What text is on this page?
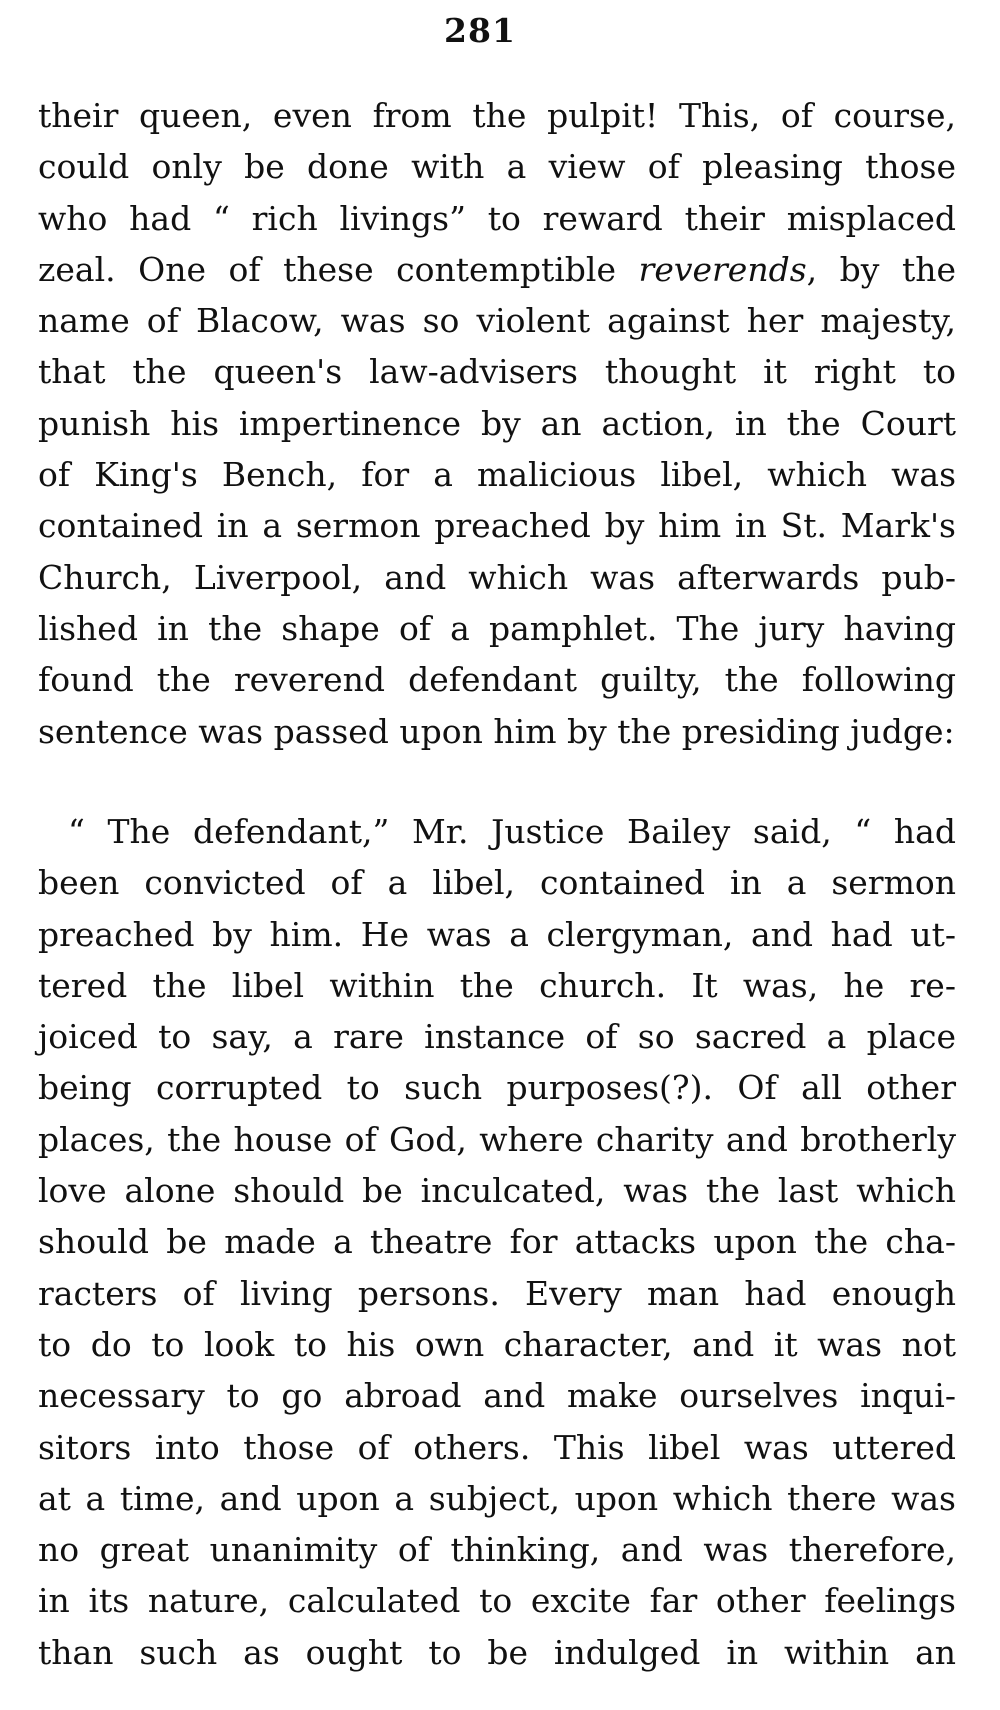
281
their queen, even from the pulpit! This, of course,
could only be done with a view of pleasing those
who had “ rich livings” to reward their misplaced
zeal. One of these contemptible reverends, by the
name of Blacow, was so violent against her majesty,
that the queen's law-advisers thought it right to
punish his impertinence by an action, in the Court
of King's Bench, for a malicious libel, which was
contained in a sermon preached by him in St. Mark's
Church, Liverpool, and which was afterwards pub-
lished in the shape of a pamphlet. The jury having
found the reverend defendant guilty, the following
sentence was passed upon him by the presiding judge:
“ The defendant,” Mr. Justice Bailey said, “ had
been convicted of a libel, contained in a sermon
preached by him. He was a clergyman, and had ut-
tered the libel within the church. It was, he re-
joiced to say, a rare instance of so sacred a place
being corrupted to such purposes(?). Of all other
places, the house of God, where charity and brotherly
love alone should be inculcated, was the last which
should be made a theatre for attacks upon the cha-
racters of living persons. Every man had enough
to do to look to his own character, and it was not
necessary to go abroad and make ourselves inqui-
sitors into those of others. This libel was uttered
at a time, and upon a subject, upon which there was
no great unanimity of thinking, and was therefore,
in its nature, calculated to excite far other feelings
than such as ought to be indulged in within an
